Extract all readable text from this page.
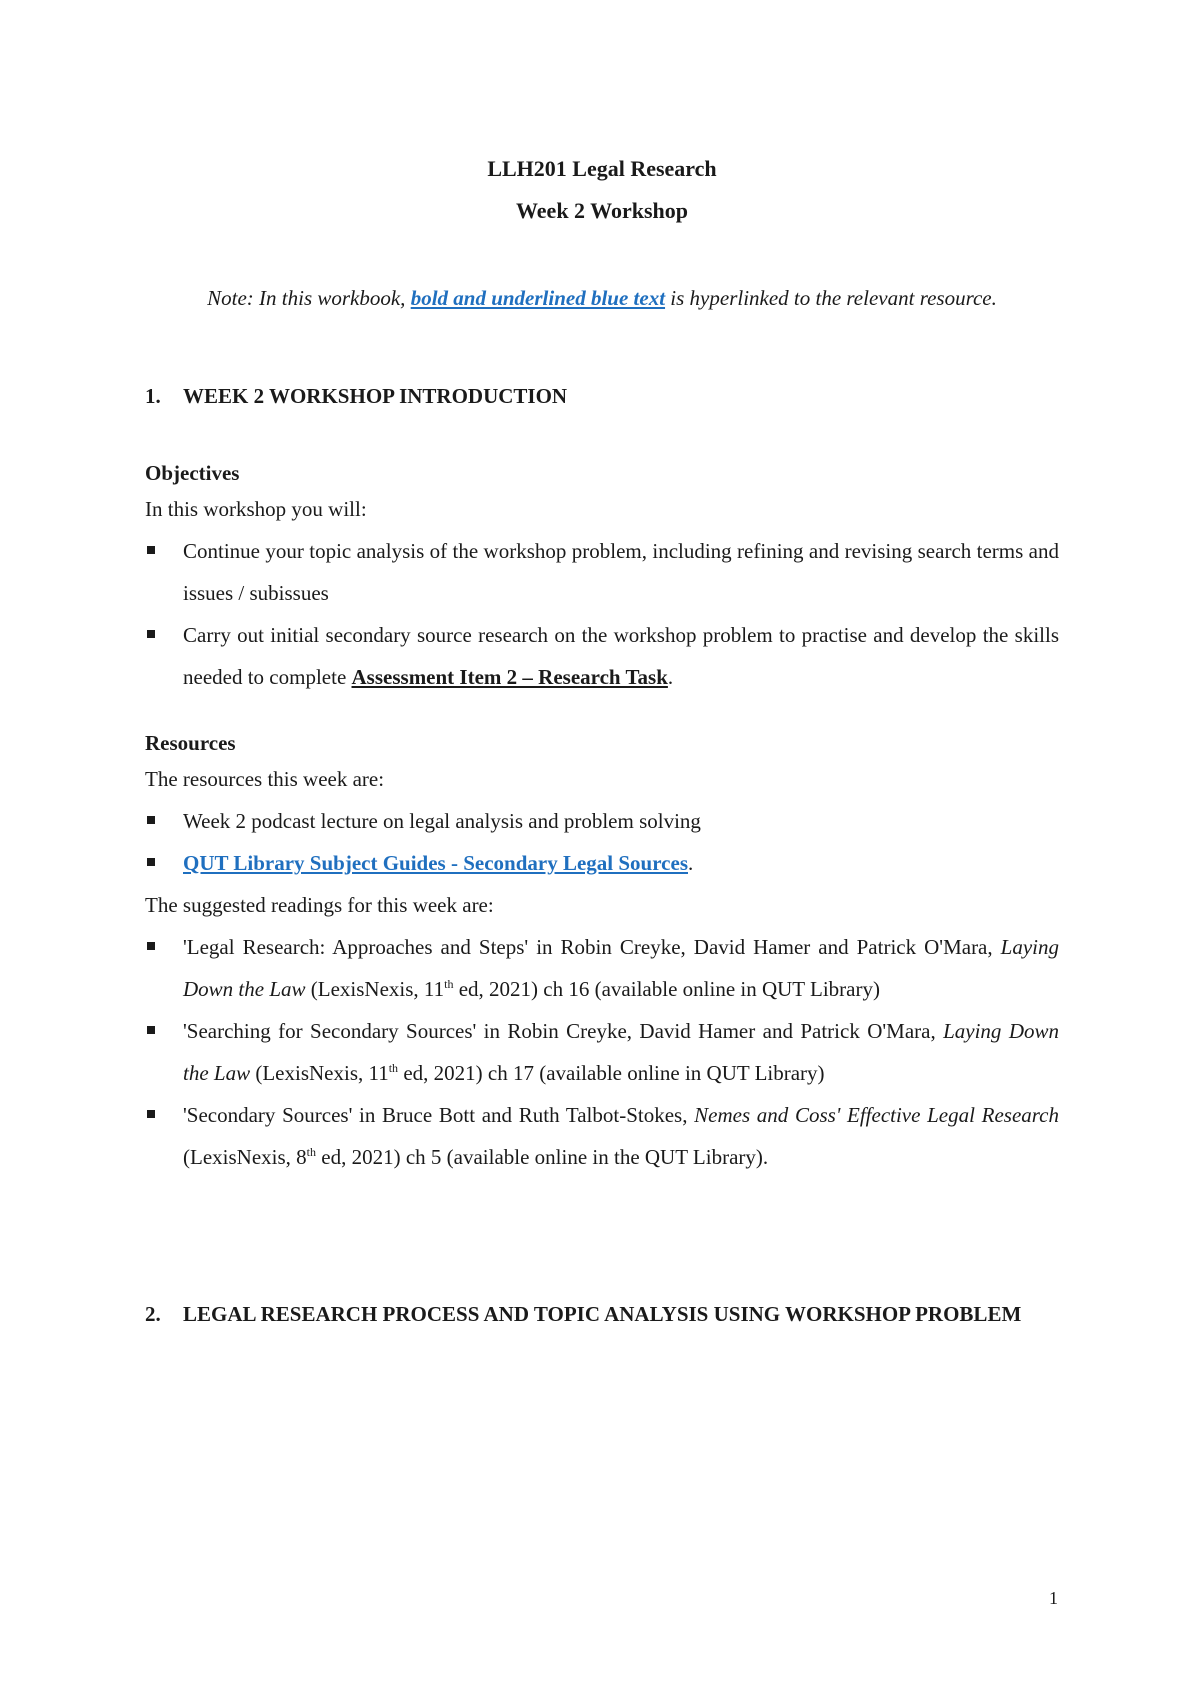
LLH201 Legal Research
Week 2 Workshop
Note: In this workbook, bold and underlined blue text is hyperlinked to the relevant resource.
1.	WEEK 2 WORKSHOP INTRODUCTION
Objectives
In this workshop you will:
Continue your topic analysis of the workshop problem, including refining and revising search terms and issues / subissues
Carry out initial secondary source research on the workshop problem to practise and develop the skills needed to complete Assessment Item 2 – Research Task.
Resources
The resources this week are:
Week 2 podcast lecture on legal analysis and problem solving
QUT Library Subject Guides - Secondary Legal Sources.
The suggested readings for this week are:
'Legal Research: Approaches and Steps' in Robin Creyke, David Hamer and Patrick O'Mara, Laying Down the Law (LexisNexis, 11th ed, 2021) ch 16 (available online in QUT Library)
'Searching for Secondary Sources' in Robin Creyke, David Hamer and Patrick O'Mara, Laying Down the Law (LexisNexis, 11th ed, 2021) ch 17 (available online in QUT Library)
'Secondary Sources' in Bruce Bott and Ruth Talbot-Stokes, Nemes and Coss' Effective Legal Research (LexisNexis, 8th ed, 2021) ch 5 (available online in the QUT Library).
2.	LEGAL RESEARCH PROCESS AND TOPIC ANALYSIS USING WORKSHOP PROBLEM
1
